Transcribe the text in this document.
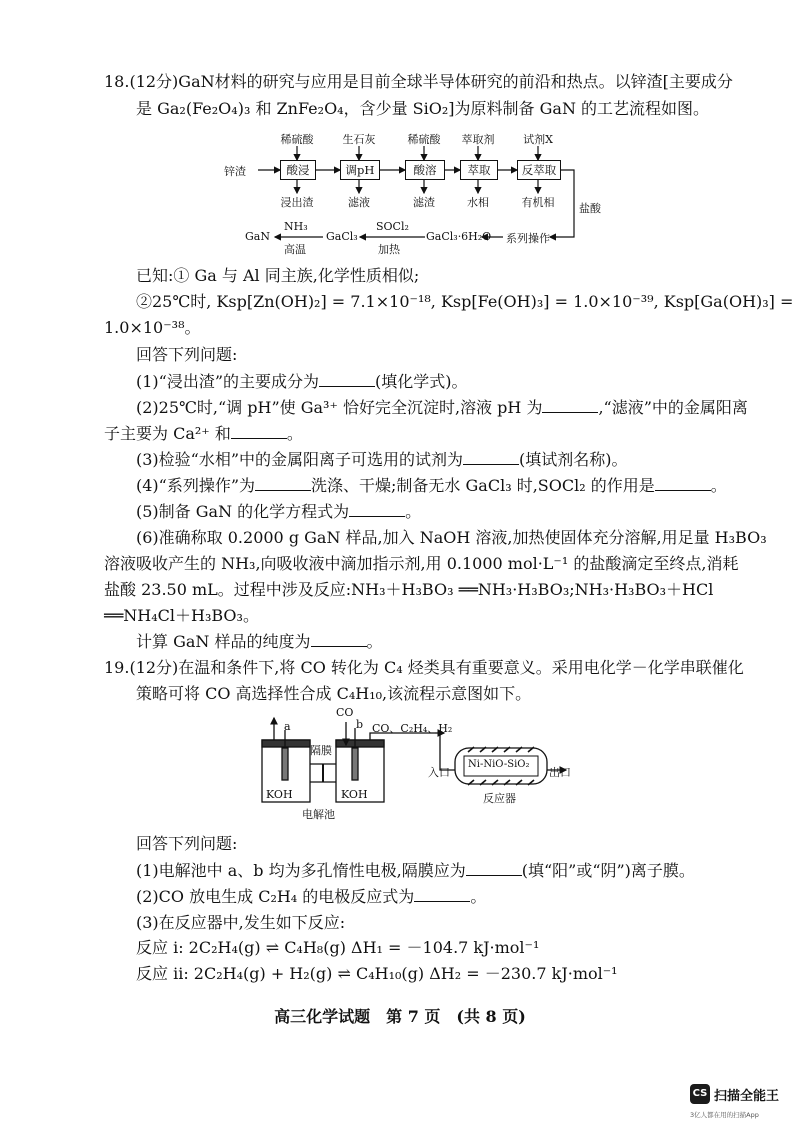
18.(12分)GaN材料的研究与应用是目前全球半导体研究的前沿和热点。以锌渣[主要成分
是 Ga₂(Fe₂O₄)₃ 和 ZnFe₂O₄，含少量 SiO₂]为原料制备 GaN 的工艺流程如图。
锌渣	酸浸	调pH	酸溶	萃取	反萃取
稀硫酸	生石灰	稀硫酸	萃取剂	试剂X
浸出渣	滤液	滤渣	水相	有机相	盐酸
系列操作
GaCl₃·6H₂O
SOCl₂
加热
GaCl₃
NH₃
高温
GaN
已知:① Ga 与 Al 同主族,化学性质相似;
②25℃时, Ksp[Zn(OH)₂] = 7.1×10⁻¹⁸, Ksp[Fe(OH)₃] = 1.0×10⁻³⁹, Ksp[Ga(OH)₃] =
1.0×10⁻³⁸。
回答下列问题:
(1)“浸出渣”的主要成分为	(填化学式)。
(2)25℃时,“调 pH”使 Ga³⁺ 恰好完全沉淀时,溶液 pH 为	,“滤液”中的金属阳离
子主要为 Ca²⁺ 和	。
(3)检验“水相”中的金属阳离子可选用的试剂为	(填试剂名称)。
(4)“系列操作”为	洗涤、干燥;制备无水 GaCl₃ 时,SOCl₂ 的作用是	。
(5)制备 GaN 的化学方程式为	。
(6)准确称取 0.2000 g GaN 样品,加入 NaOH 溶液,加热使固体充分溶解,用足量 H₃BO₃
溶液吸收产生的 NH₃,向吸收液中滴加指示剂,用 0.1000 mol·L⁻¹ 的盐酸滴定至终点,消耗
盐酸 23.50 mL。过程中涉及反应:NH₃＋H₃BO₃ ══NH₃·H₃BO₃;NH₃·H₃BO₃＋HCl
══NH₄Cl＋H₃BO₃。
计算 GaN 样品的纯度为	。
19.(12分)在温和条件下,将 CO 转化为 C₄ 烃类具有重要意义。采用电化学－化学串联催化
策略可将 CO 高选择性合成 C₄H₁₀,该流程示意图如下。
a	b
CO
CO、C₂H₄、H₂
隔膜
KOH	KOH
电解池
Ni-NiO-SiO₂
入口	出口
反应器
回答下列问题:
(1)电解池中 a、b 均为多孔惰性电极,隔膜应为	(填“阳”或“阴”)离子膜。
(2)CO 放电生成 C₂H₄ 的电极反应式为	。
(3)在反应器中,发生如下反应:
反应 i: 2C₂H₄(g) ⇌ C₄H₈(g) ΔH₁ = －104.7 kJ·mol⁻¹
反应 ii: 2C₂H₄(g) + H₂(g) ⇌ C₄H₁₀(g) ΔH₂ = －230.7 kJ·mol⁻¹
高三化学试题　第 7 页　(共 8 页)
CS 扫描全能王
3亿人都在用的扫描App
